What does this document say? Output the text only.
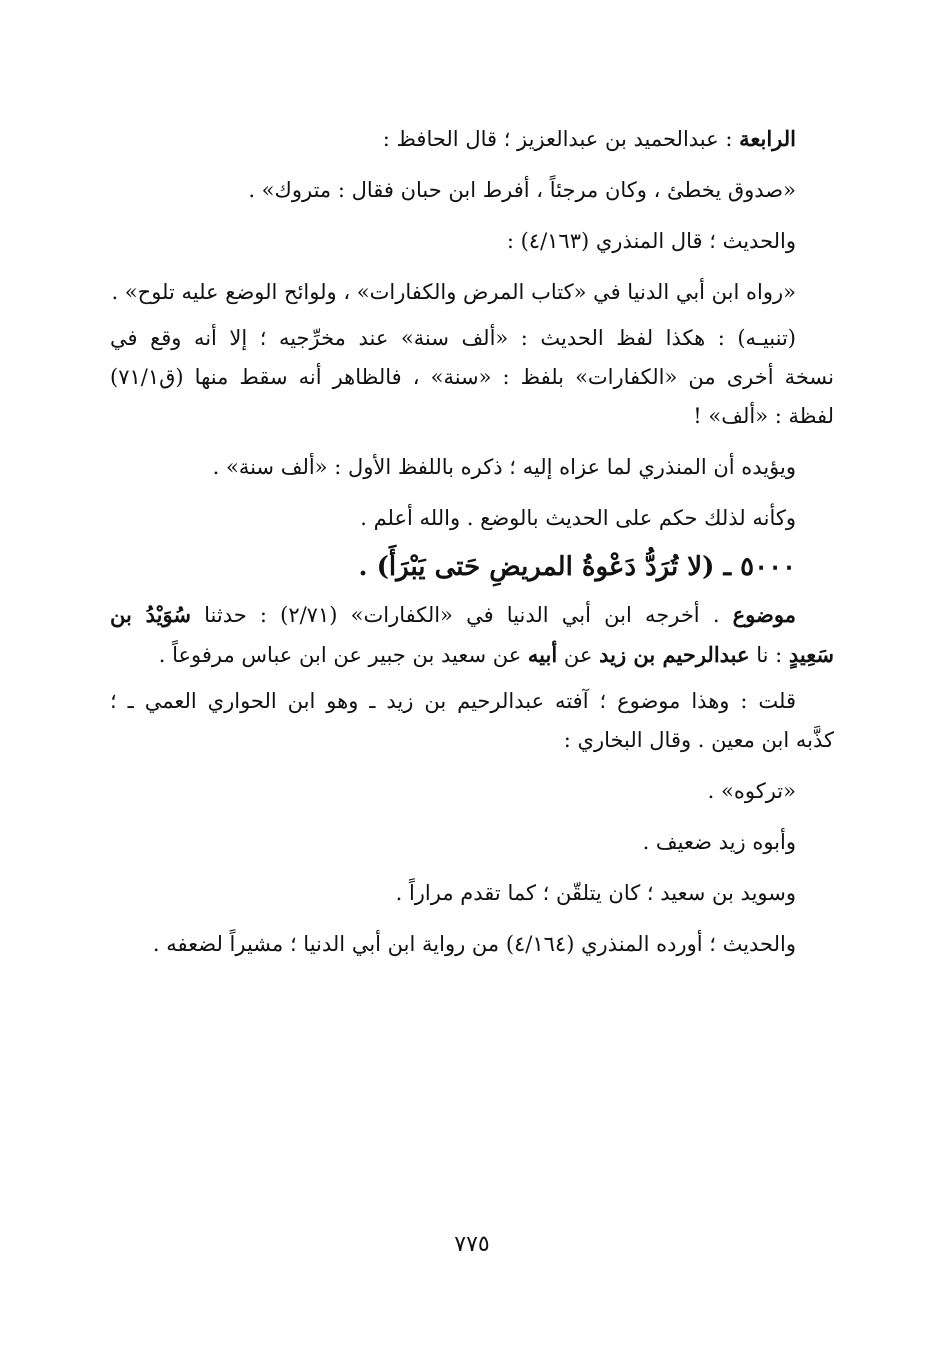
الرابعة : عبدالحميد بن عبدالعزيز ؛ قال الحافظ :

«صدوق يخطئ ، وكان مرجئاً ، أفرط ابن حبان فقال : متروك» .

والحديث ؛ قال المنذري (٤/١٦٣) :

«رواه ابن أبي الدنيا في «كتاب المرض والكفارات» ، ولوائح الوضع عليه تلوح» .

(تنبيـه) : هكذا لفظ الحديث : «ألف سنة» عند مخرِّجيه ؛ إلا أنه وقع في

نسخة أخرى من «الكفارات» بلفظ : «سنة» ، فالظاهر أنه سقط منها (ق٧١/١)

لفظة : «ألف» !

ويؤيده أن المنذري لما عزاه إليه ؛ ذكره باللفظ الأول : «ألف سنة» .

وكأنه لذلك حكم على الحديث بالوضع . والله أعلم .

٥٠٠٠ ـ (لا تُرَدُّ دَعْوةُ المريضِ حَتى يَبْرَأَ) .

موضوع . أخرجه ابن أبي الدنيا في «الكفارات» (٢/٧١) : حدثنا سُوَيْدُ بن

سَعِيدٍ : نا عبدالرحيم بن زيد عن أبيه عن سعيد بن جبير عن ابن عباس مرفوعاً .

قلت : وهذا موضوع ؛ آفته عبدالرحيم بن زيد ـ وهو ابن الحواري العمي ـ ؛

كذَّبه ابن معين . وقال البخاري :

«تركوه» .

وأبوه زيد ضعيف .

وسويد بن سعيد ؛ كان يتلقّن ؛ كما تقدم مراراً .

والحديث ؛ أورده المنذري (٤/١٦٤) من رواية ابن أبي الدنيا ؛ مشيراً لضعفه .

٧٧٥
